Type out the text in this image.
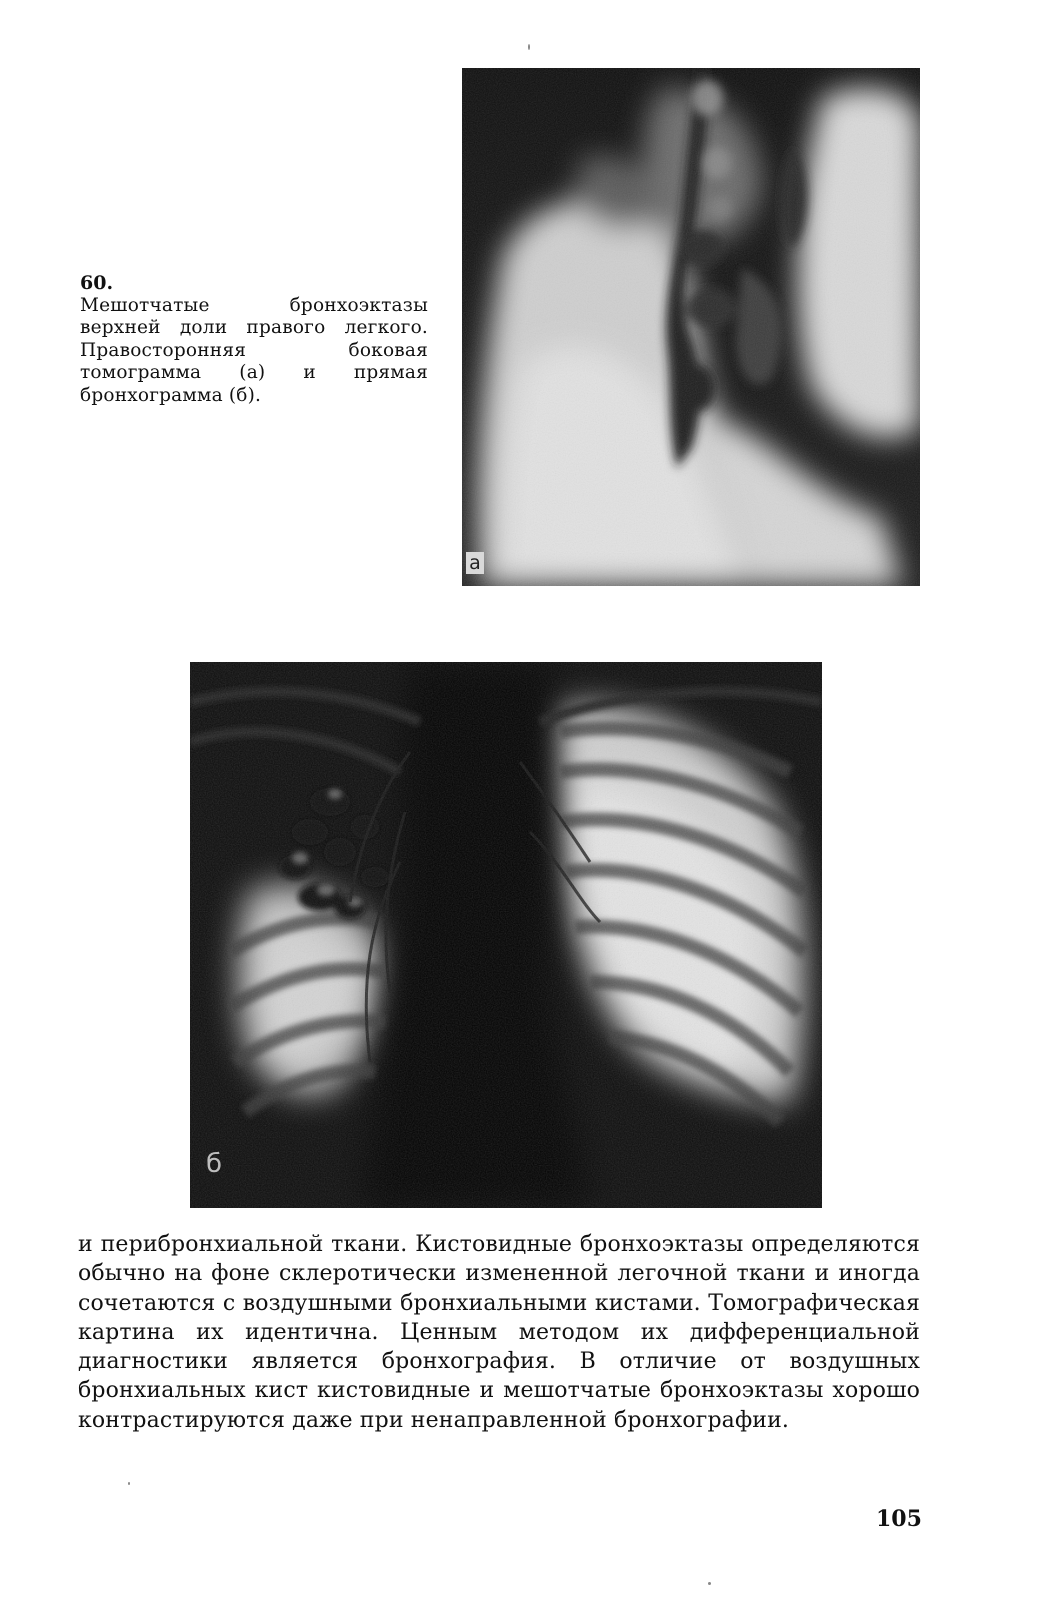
60.
Мешотчатые бронхоэктазы верхней доли правого легкого. Правосторонняя боковая томограмма (а) и прямая бронхограмма (б).
a
б
и перибронхиальной ткани. Кистовидные бронхоэктазы определяются обычно на фоне склеротически измененной легочной ткани и иногда сочетаются с воздушными бронхиальными кистами. Томографическая картина их идентична. Ценным методом их дифференциальной диагностики является бронхография. В отличие от воздушных бронхиальных кист кистовидные и мешотчатые бронхоэктазы хорошо контрастируются даже при ненаправленной бронхографии.
105
